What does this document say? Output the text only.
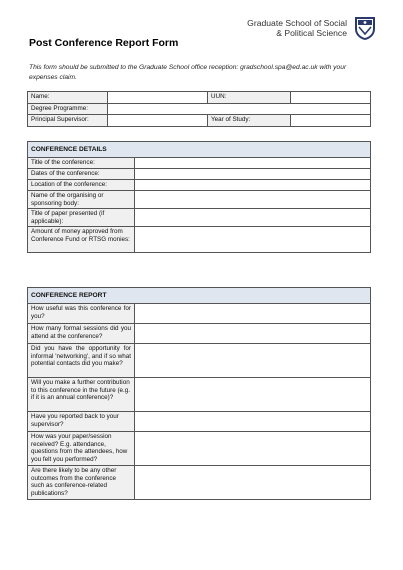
Graduate School of Social
& Political Science
Post Conference Report Form
This form should be submitted to the Graduate School office reception: gradschool.spa@ed.ac.uk with your expenses claim.
Name:		UUN:	
Degree Programme:			
Principal Supervisor:		Year of Study:	
CONFERENCE DETAILS	
Title of the conference:	
Dates of the conference:	
Location of the conference:	
Name of the organising or sponsoring body:	
Title of paper presented (if applicable):	
Amount of money approved from Conference Fund or RTSG monies:	
CONFERENCE REPORT	
How useful was this conference for you?	
How many formal sessions did you attend at the conference?	
Did you have the opportunity for informal 'networking', and if so what potential contacts did you make?	
Will you make a further contribution to this conference in the future (e.g. if it is an annual conference)?	
Have you reported back to your supervisor?	
How was your paper/session received? E.g. attendance, questions from the attendees, how you felt you performed?	
Are there likely to be any other outcomes from the conference such as conference-related publications?	
